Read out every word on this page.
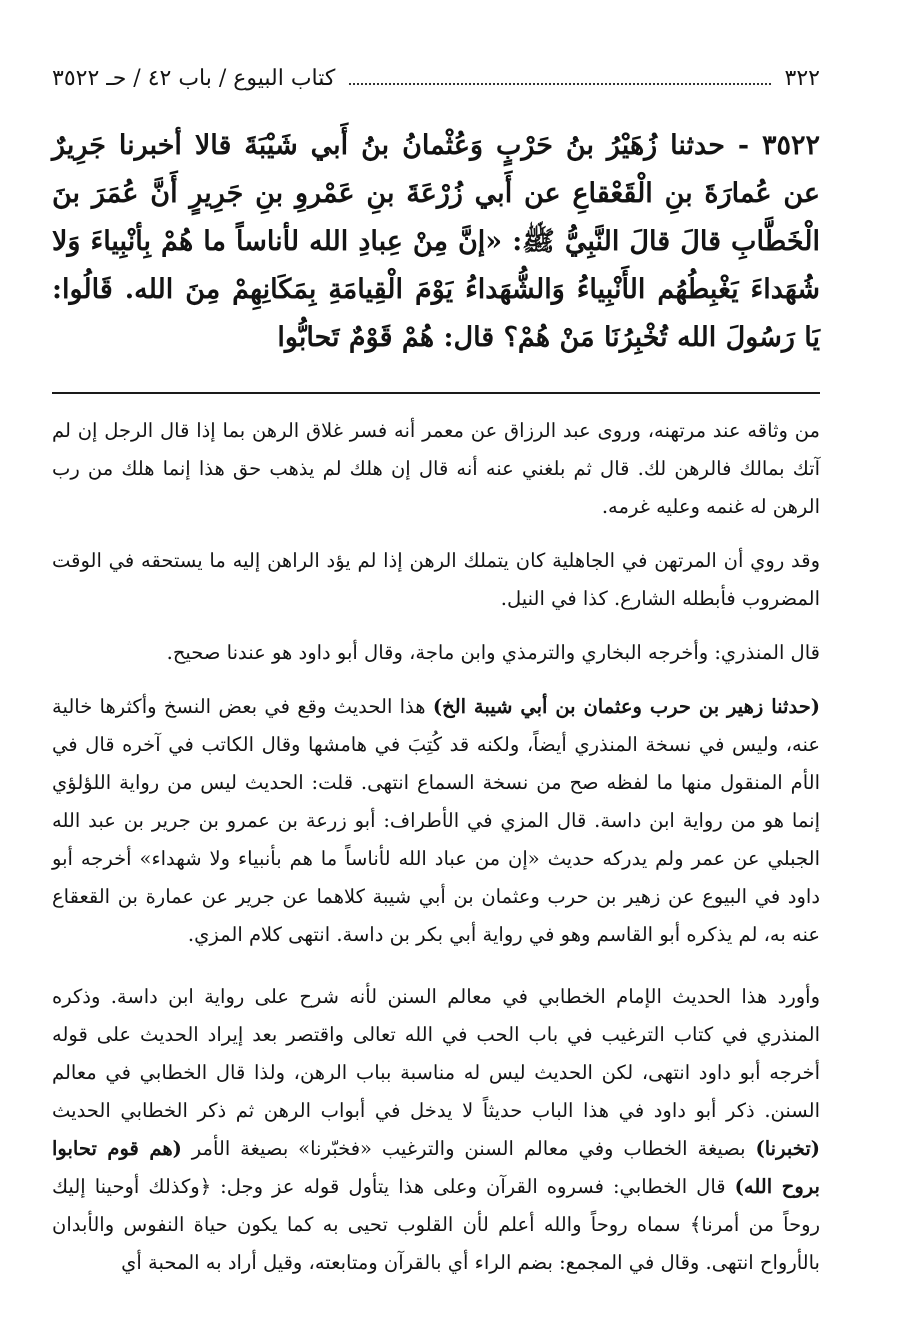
٣٢٢
كتاب البيوع / باب ٤٢ / حـ ٣٥٢٢
٣٥٢٢ - حدثنا زُهَيْرُ بنُ حَرْبٍ وَعُثْمانُ بنُ أَبي شَيْبَةَ قالا أخبرنا جَرِيرٌ عن عُمارَةَ بنِ الْقَعْقاعِ عن أَبي زُرْعَةَ بنِ عَمْروِ بنِ جَرِيرٍ أَنَّ عُمَرَ بنَ الْخَطَّابِ قالَ قالَ النَّبِيُّ ﷺ: «إنَّ مِنْ عِبادِ الله لأناساً ما هُمْ بِأنْبِياءَ وَلا شُهَداءَ يَغْبِطُهُم الأَنْبِياءُ وَالشُّهَداءُ يَوْمَ الْقِيامَةِ بِمَكَانِهِمْ مِنَ الله. قَالُوا: يَا رَسُولَ الله تُخْبِرُنَا مَنْ هُمْ؟ قال: هُمْ قَوْمٌ تَحابُّوا

من وثاقه عند مرتهنه، وروى عبد الرزاق عن معمر أنه فسر غلاق الرهن بما إذا قال الرجل إن لم آتك بمالك فالرهن لك. قال ثم بلغني عنه أنه قال إن هلك لم يذهب حق هذا إنما هلك من رب الرهن له غنمه وعليه غرمه.

وقد روي أن المرتهن في الجاهلية كان يتملك الرهن إذا لم يؤد الراهن إليه ما يستحقه في الوقت المضروب فأبطله الشارع. كذا في النيل.

قال المنذري: وأخرجه البخاري والترمذي وابن ماجة، وقال أبو داود هو عندنا صحيح.

(حدثنا زهير بن حرب وعثمان بن أبي شيبة الخ) هذا الحديث وقع في بعض النسخ وأكثرها خالية عنه، وليس في نسخة المنذري أيضاً، ولكنه قد كُتِبَ في هامشها وقال الكاتب في آخره قال في الأم المنقول منها ما لفظه صح من نسخة السماع انتهى. قلت: الحديث ليس من رواية اللؤلؤي إنما هو من رواية ابن داسة. قال المزي في الأطراف: أبو زرعة بن عمرو بن جرير بن عبد الله الجبلي عن عمر ولم يدركه حديث «إن من عباد الله لأناساً ما هم بأنبياء ولا شهداء» أخرجه أبو داود في البيوع عن زهير بن حرب وعثمان بن أبي شيبة كلاهما عن جرير عن عمارة بن القعقاع عنه به، لم يذكره أبو القاسم وهو في رواية أبي بكر بن داسة. انتهى كلام المزي.

وأورد هذا الحديث الإمام الخطابي في معالم السنن لأنه شرح على رواية ابن داسة. وذكره المنذري في كتاب الترغيب في باب الحب في الله تعالى واقتصر بعد إيراد الحديث على قوله أخرجه أبو داود انتهى، لكن الحديث ليس له مناسبة بباب الرهن، ولذا قال الخطابي في معالم السنن. ذكر أبو داود في هذا الباب حديثاً لا يدخل في أبواب الرهن ثم ذكر الخطابي الحديث (تخبرنا) بصيغة الخطاب وفي معالم السنن والترغيب «فخبّرنا» بصيغة الأمر (هم قوم تحابوا بروح الله) قال الخطابي: فسروه القرآن وعلى هذا يتأول قوله عز وجل: ﴿وكذلك أوحينا إليك روحاً من أمرنا﴾ سماه روحاً والله أعلم لأن القلوب تحيى به كما يكون حياة النفوس والأبدان بالأرواح انتهى. وقال في المجمع: بضم الراء أي بالقرآن ومتابعته، وقيل أراد به المحبة أي
